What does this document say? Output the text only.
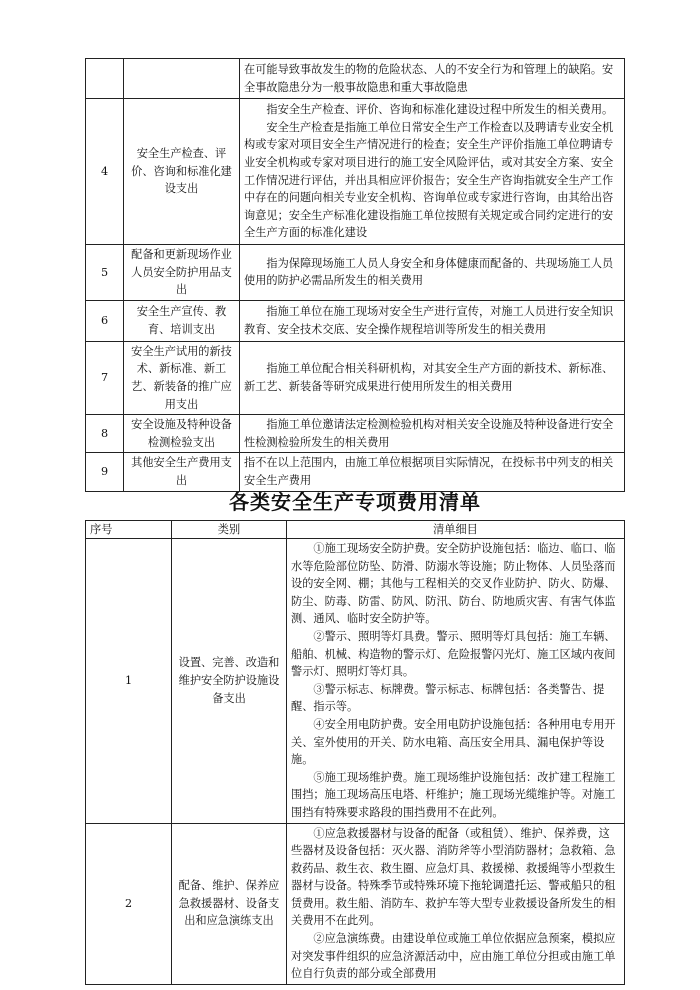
		在可能导致事故发生的物的危险状态、人的不安全行为和管理上的缺陷。安全事故隐患分为一般事故隐患和重大事故隐患
4	安全生产检查、评价、咨询和标准化建设支出	指安全生产检查、评价、咨询和标准化建设过程中所发生的相关费用。

安全生产检查是指施工单位日常安全生产工作检查以及聘请专业安全机构或专家对项目安全生产情况进行的检查；安全生产评价指施工单位聘请专业安全机构或专家对项目进行的施工安全风险评估，或对其安全方案、安全工作情况进行评估，并出具相应评价报告；安全生产咨询指就安全生产工作中存在的问题向相关专业安全机构、咨询单位或专家进行咨询，由其给出咨询意见；安全生产标准化建设指施工单位按照有关规定或合同约定进行的安全生产方面的标准化建设

5	配备和更新现场作业人员安全防护用品支出	指为保障现场施工人员人身安全和身体健康而配备的、共现场施工人员使用的防护必需品所发生的相关费用
6	安全生产宣传、教育、培训支出	指施工单位在施工现场对安全生产进行宣传，对施工人员进行安全知识教育、安全技术交底、安全操作规程培训等所发生的相关费用
7	安全生产试用的新技术、新标准、新工艺、新装备的推广应用支出	指施工单位配合相关科研机构，对其安全生产方面的新技术、新标准、新工艺、新装备等研究成果进行使用所发生的相关费用
8	安全设施及特种设备检测检验支出	指施工单位邀请法定检测检验机构对相关安全设施及特种设备进行安全性检测检验所发生的相关费用
9	其他安全生产费用支出	指不在以上范围内，由施工单位根据项目实际情况，在投标书中列支的相关安全生产费用
各类安全生产专项费用清单
序号	类别	清单细目
1	设置、完善、改造和维护安全防护设施设备支出	①施工现场安全防护费。安全防护设施包括：临边、临口、临水等危险部位防坠、防滑、防溺水等设施；防止物体、人员坠落而设的安全网、棚；其他与工程相关的交叉作业防护、防火、防爆、防尘、防毒、防雷、防风、防汛、防台、防地质灾害、有害气体监测、通风、临时安全防护等。

②警示、照明等灯具费。警示、照明等灯具包括：施工车辆、船舶、机械、构造物的警示灯、危险报警闪光灯、施工区域内夜间警示灯、照明灯等灯具。

③警示标志、标牌费。警示标志、标牌包括：各类警告、提醒、指示等。

④安全用电防护费。安全用电防护设施包括：各种用电专用开关、室外使用的开关、防水电箱、高压安全用具、漏电保护等设施。

⑤施工现场维护费。施工现场维护设施包括：改扩建工程施工围挡；施工现场高压电塔、杆维护；施工现场光缆维护等。对施工围挡有特殊要求路段的围挡费用不在此列。

2	配备、维护、保养应急救援器材、设备支出和应急演练支出	①应急救援器材与设备的配备（或租赁）、维护、保养费，这些器材及设备包括：灭火器、消防斧等小型消防器材；急救箱、急救药品、救生衣、救生圈、应急灯具、救援梯、救援绳等小型救生器材与设备。特殊季节或特殊环境下拖轮调遣托运、警戒船只的租赁费用。救生船、消防车、救护车等大型专业救援设备所发生的相关费用不在此列。

②应急演练费。由建设单位或施工单位依据应急预案，模拟应对突发事件组织的应急济源活动中，应由施工单位分担或由施工单位自行负责的部分或全部费用
